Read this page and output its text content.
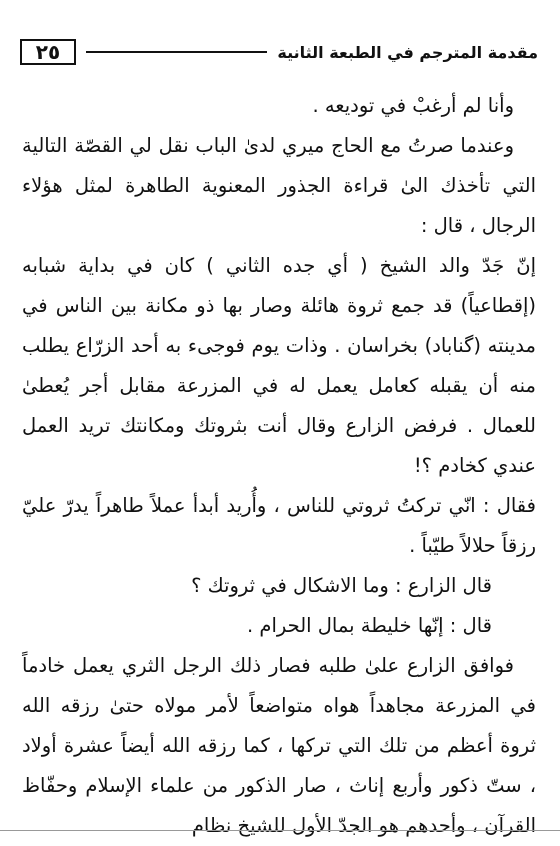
مقدمة المترجم في الطبعة الثانية
٢٥

وأنا لم أرغبْ في توديعه .

وعندما صرتُ مع الحاج ميري لدىٰ الباب نقل لي القصّة التالية التي تأخذك الىٰ قراءة الجذور المعنوية الطاهرة لمثل هؤلاء الرجال ، قال :

إنّ جَدّ والد الشيخ ( أي جده الثاني ) كان في بداية شبابه (إقطاعياً) قد جمع ثروة هائلة وصار بها ذو مكانة بين الناس في مدينته (گناباد) بخراسان . وذات يوم فوجىء به أحد الزرّاع يطلب منه أن يقبله كعامل يعمل له في المزرعة مقابل أجر يُعطىٰ للعمال . فرفض الزارع وقال أنت بثروتك ومكانتك تريد العمل عندي كخادم ؟!

فقال : انّي تركتُ ثروتي للناس ، وأُريد أبدأ عملاً طاهراً يدرّ عليّ رزقاً حلالاً طيّباً .

قال الزارع : وما الاشكال في ثروتك ؟

قال : إنّها خليطة بمال الحرام .

فوافق الزارع علىٰ طلبه فصار ذلك الرجل الثري يعمل خادماً في المزرعة مجاهداً هواه متواضعاً لأمر مولاه حتىٰ رزقه الله ثروة أعظم من تلك التي تركها ، كما رزقه الله أيضاً عشرة أولاد ، ستّ ذكور وأربع إناث ، صار الذكور من علماء الإسلام وحفّاظ القرآن ، وأحدهم هو الجدّ الأول للشيخ نظام
